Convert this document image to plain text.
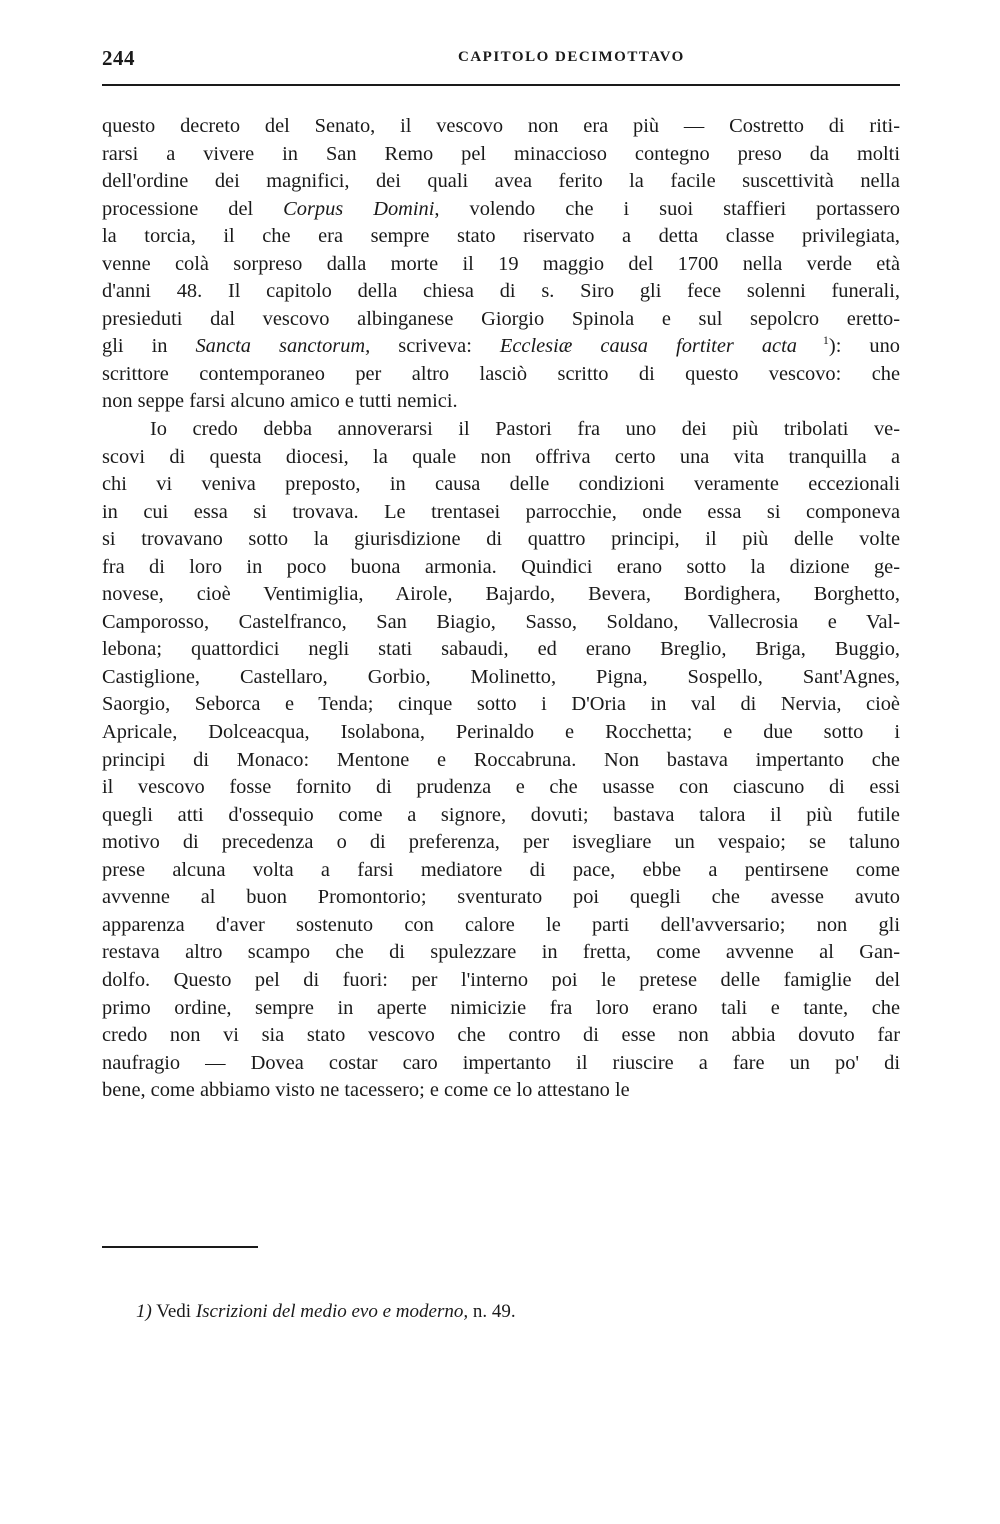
244	CAPITOLO DECIMOTTAVO

questo decreto del Senato, il vescovo non era più — Costretto di riti-
rarsi a vivere in San Remo pel minaccioso contegno preso da molti
dell'ordine dei magnifici, dei quali avea ferito la facile suscettività nella
processione del Corpus Domini, volendo che i suoi staffieri portassero
la torcia, il che era sempre stato riservato a detta classe privilegiata,
venne colà sorpreso dalla morte il 19 maggio del 1700 nella verde età
d'anni 48. Il capitolo della chiesa di s. Siro gli fece solenni funerali,
presieduti dal vescovo albinganese Giorgio Spinola e sul sepolcro eretto-
gli in Sancta sanctorum, scriveva: Ecclesiæ causa fortiter acta $^1$): uno
scrittore contemporaneo per altro lasciò scritto di questo vescovo: che
non seppe farsi alcuno amico e tutti nemici.

Io credo debba annoverarsi il Pastori fra uno dei più tribolati ve-
scovi di questa diocesi, la quale non offriva certo una vita tranquilla a
chi vi veniva preposto, in causa delle condizioni veramente eccezionali
in cui essa si trovava. Le trentasei parrocchie, onde essa si componeva
si trovavano sotto la giurisdizione di quattro principi, il più delle volte
fra di loro in poco buona armonia. Quindici erano sotto la dizione ge-
novese, cioè Ventimiglia, Airole, Bajardo, Bevera, Bordighera, Borghetto,
Camporosso, Castelfranco, San Biagio, Sasso, Soldano, Vallecrosia e Val-
lebona; quattordici negli stati sabaudi, ed erano Breglio, Briga, Buggio,
Castiglione, Castellaro, Gorbio, Molinetto, Pigna, Sospello, Sant'Agnes,
Saorgio, Seborca e Tenda; cinque sotto i D'Oria in val di Nervia, cioè
Apricale, Dolceacqua, Isolabona, Perinaldo e Rocchetta; e due sotto i
principi di Monaco: Mentone e Roccabruna. Non bastava impertanto che
il vescovo fosse fornito di prudenza e che usasse con ciascuno di essi
quegli atti d'ossequio come a signore, dovuti; bastava talora il più futile
motivo di precedenza o di preferenza, per isvegliare un vespaio; se taluno
prese alcuna volta a farsi mediatore di pace, ebbe a pentirsene come
avvenne al buon Promontorio; sventurato poi quegli che avesse avuto
apparenza d'aver sostenuto con calore le parti dell'avversario; non gli
restava altro scampo che di spulezzare in fretta, come avvenne al Gan-
dolfo. Questo pel di fuori: per l'interno poi le pretese delle famiglie del
primo ordine, sempre in aperte nimicizie fra loro erano tali e tante, che
credo non vi sia stato vescovo che contro di esse non abbia dovuto far
naufragio — Dovea costar caro impertanto il riuscire a fare un po' di
bene, come abbiamo visto ne tacessero; e come ce lo attestano le

1) Vedi Iscrizioni del medio evo e moderno, n. 49.
